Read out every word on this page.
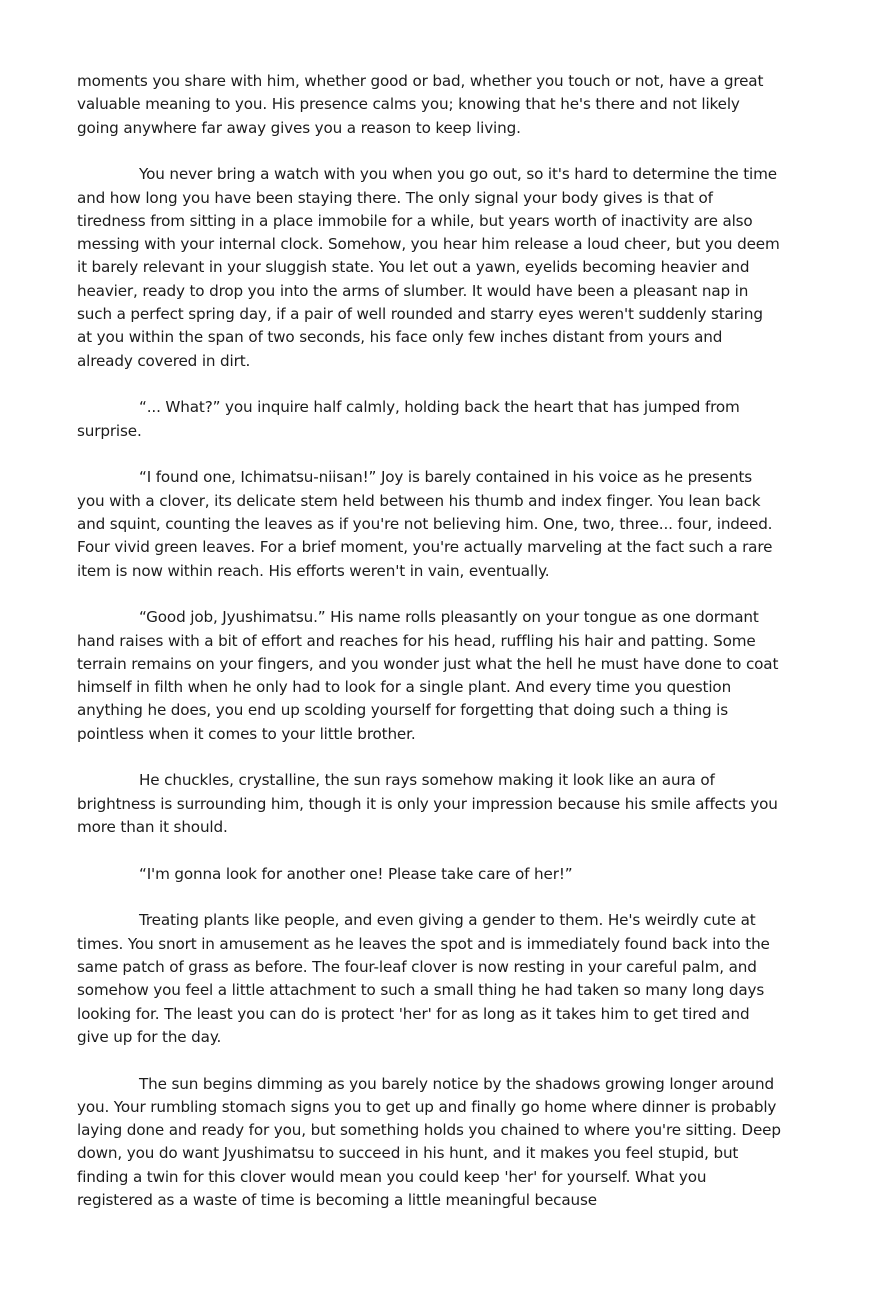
moments you share with him, whether good or bad, whether you touch or not, have a great valuable meaning to you. His presence calms you; knowing that he's there and not likely going anywhere far away gives you a reason to keep living.

You never bring a watch with you when you go out, so it's hard to determine the time and how long you have been staying there. The only signal your body gives is that of tiredness from sitting in a place immobile for a while, but years worth of inactivity are also messing with your internal clock. Somehow, you hear him release a loud cheer, but you deem it barely relevant in your sluggish state. You let out a yawn, eyelids becoming heavier and heavier, ready to drop you into the arms of slumber. It would have been a pleasant nap in such a perfect spring day, if a pair of well rounded and starry eyes weren't suddenly staring at you within the span of two seconds, his face only few inches distant from yours and already covered in dirt.

“... What?” you inquire half calmly, holding back the heart that has jumped from surprise.

“I found one, Ichimatsu-niisan!” Joy is barely contained in his voice as he presents you with a clover, its delicate stem held between his thumb and index finger. You lean back and squint, counting the leaves as if you're not believing him. One, two, three... four, indeed. Four vivid green leaves. For a brief moment, you're actually marveling at the fact such a rare item is now within reach. His efforts weren't in vain, eventually.

“Good job, Jyushimatsu.” His name rolls pleasantly on your tongue as one dormant hand raises with a bit of effort and reaches for his head, ruffling his hair and patting. Some terrain remains on your fingers, and you wonder just what the hell he must have done to coat himself in filth when he only had to look for a single plant. And every time you question anything he does, you end up scolding yourself for forgetting that doing such a thing is pointless when it comes to your little brother.

He chuckles, crystalline, the sun rays somehow making it look like an aura of brightness is surrounding him, though it is only your impression because his smile affects you more than it should.

“I'm gonna look for another one! Please take care of her!”

Treating plants like people, and even giving a gender to them. He's weirdly cute at times. You snort in amusement as he leaves the spot and is immediately found back into the same patch of grass as before. The four-leaf clover is now resting in your careful palm, and somehow you feel a little attachment to such a small thing he had taken so many long days looking for. The least you can do is protect 'her' for as long as it takes him to get tired and give up for the day.

The sun begins dimming as you barely notice by the shadows growing longer around you. Your rumbling stomach signs you to get up and finally go home where dinner is probably laying done and ready for you, but something holds you chained to where you're sitting. Deep down, you do want Jyushimatsu to succeed in his hunt, and it makes you feel stupid, but finding a twin for this clover would mean you could keep 'her' for yourself. What you registered as a waste of time is becoming a little meaningful because
